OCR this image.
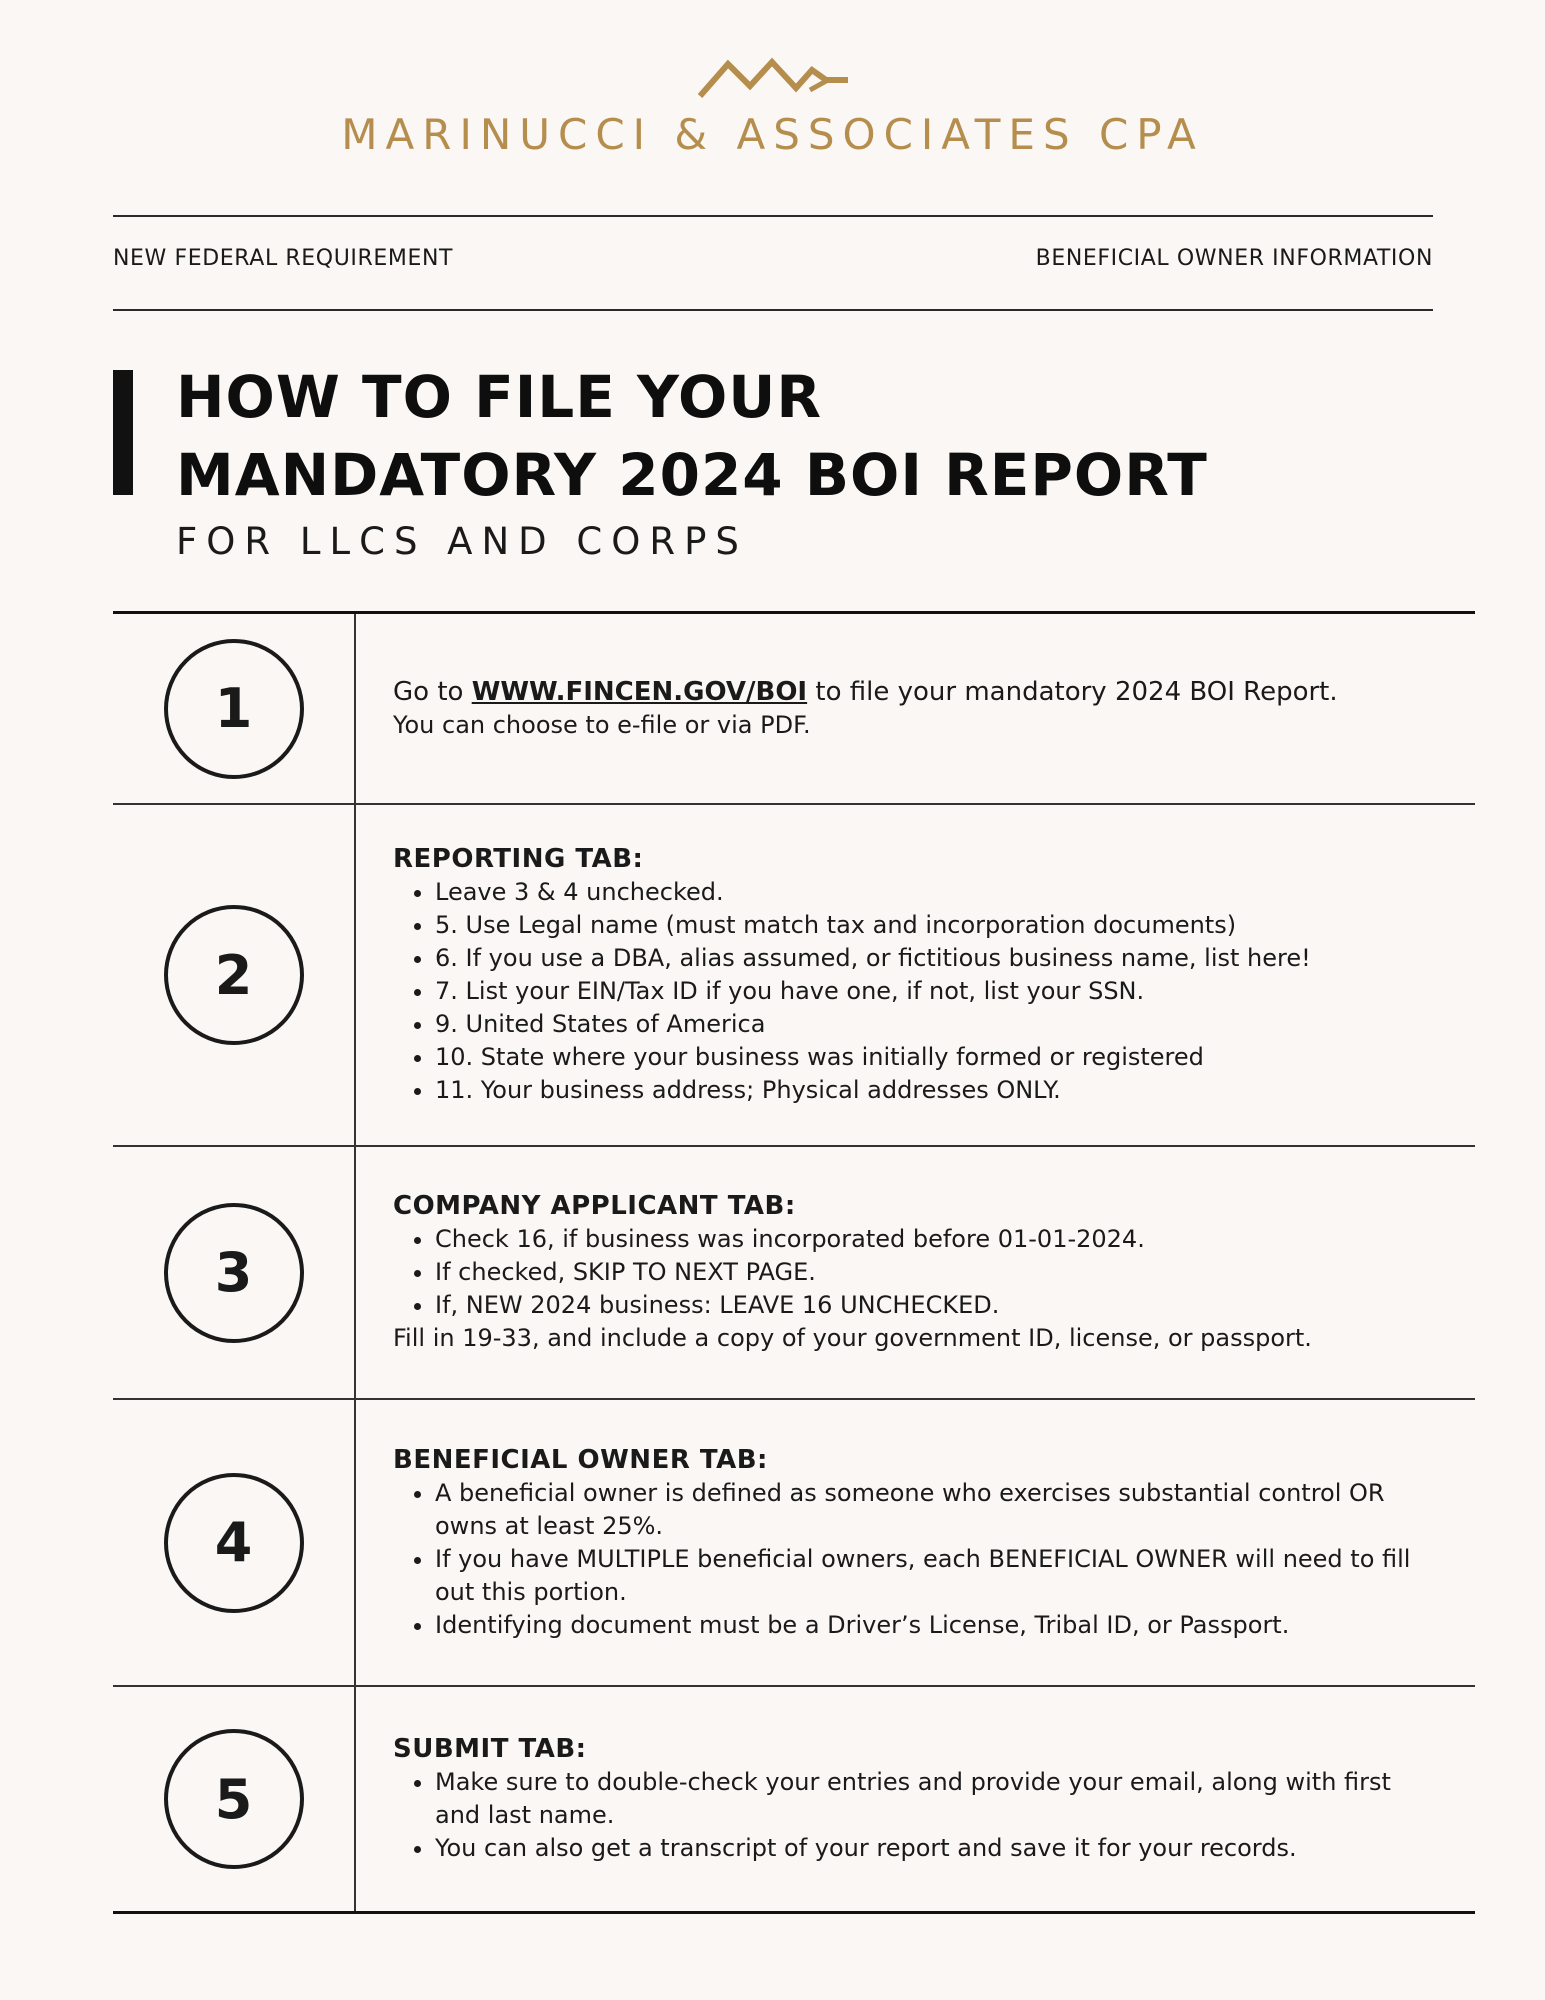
MARINUCCI & ASSOCIATES CPA
NEW FEDERAL REQUIREMENT	BENEFICIAL OWNER INFORMATION
HOW TO FILE YOUR
MANDATORY 2024 BOI REPORT
FOR LLCS AND CORPS
1	Go to WWW.FINCEN.GOV/BOI to file your mandatory 2024 BOI Report.
You can choose to e-file or via PDF.
2
REPORTING TAB:
• Leave 3 & 4 unchecked.
• 5. Use Legal name (must match tax and incorporation documents)
• 6. If you use a DBA, alias assumed, or fictitious business name, list here!
• 7. List your EIN/Tax ID if you have one, if not, list your SSN.
• 9. United States of America
• 10. State where your business was initially formed or registered
• 11. Your business address; Physical addresses ONLY.
3
COMPANY APPLICANT TAB:
• Check 16, if business was incorporated before 01-01-2024.
• If checked, SKIP TO NEXT PAGE.
• If, NEW 2024 business: LEAVE 16 UNCHECKED.
Fill in 19-33, and include a copy of your government ID, license, or passport.
4
BENEFICIAL OWNER TAB:
• A beneficial owner is defined as someone who exercises substantial control OR owns at least 25%.
• If you have MULTIPLE beneficial owners, each BENEFICIAL OWNER will need to fill out this portion.
• Identifying document must be a Driver’s License, Tribal ID, or Passport.
5
SUBMIT TAB:
• Make sure to double-check your entries and provide your email, along with first and last name.
• You can also get a transcript of your report and save it for your records.
